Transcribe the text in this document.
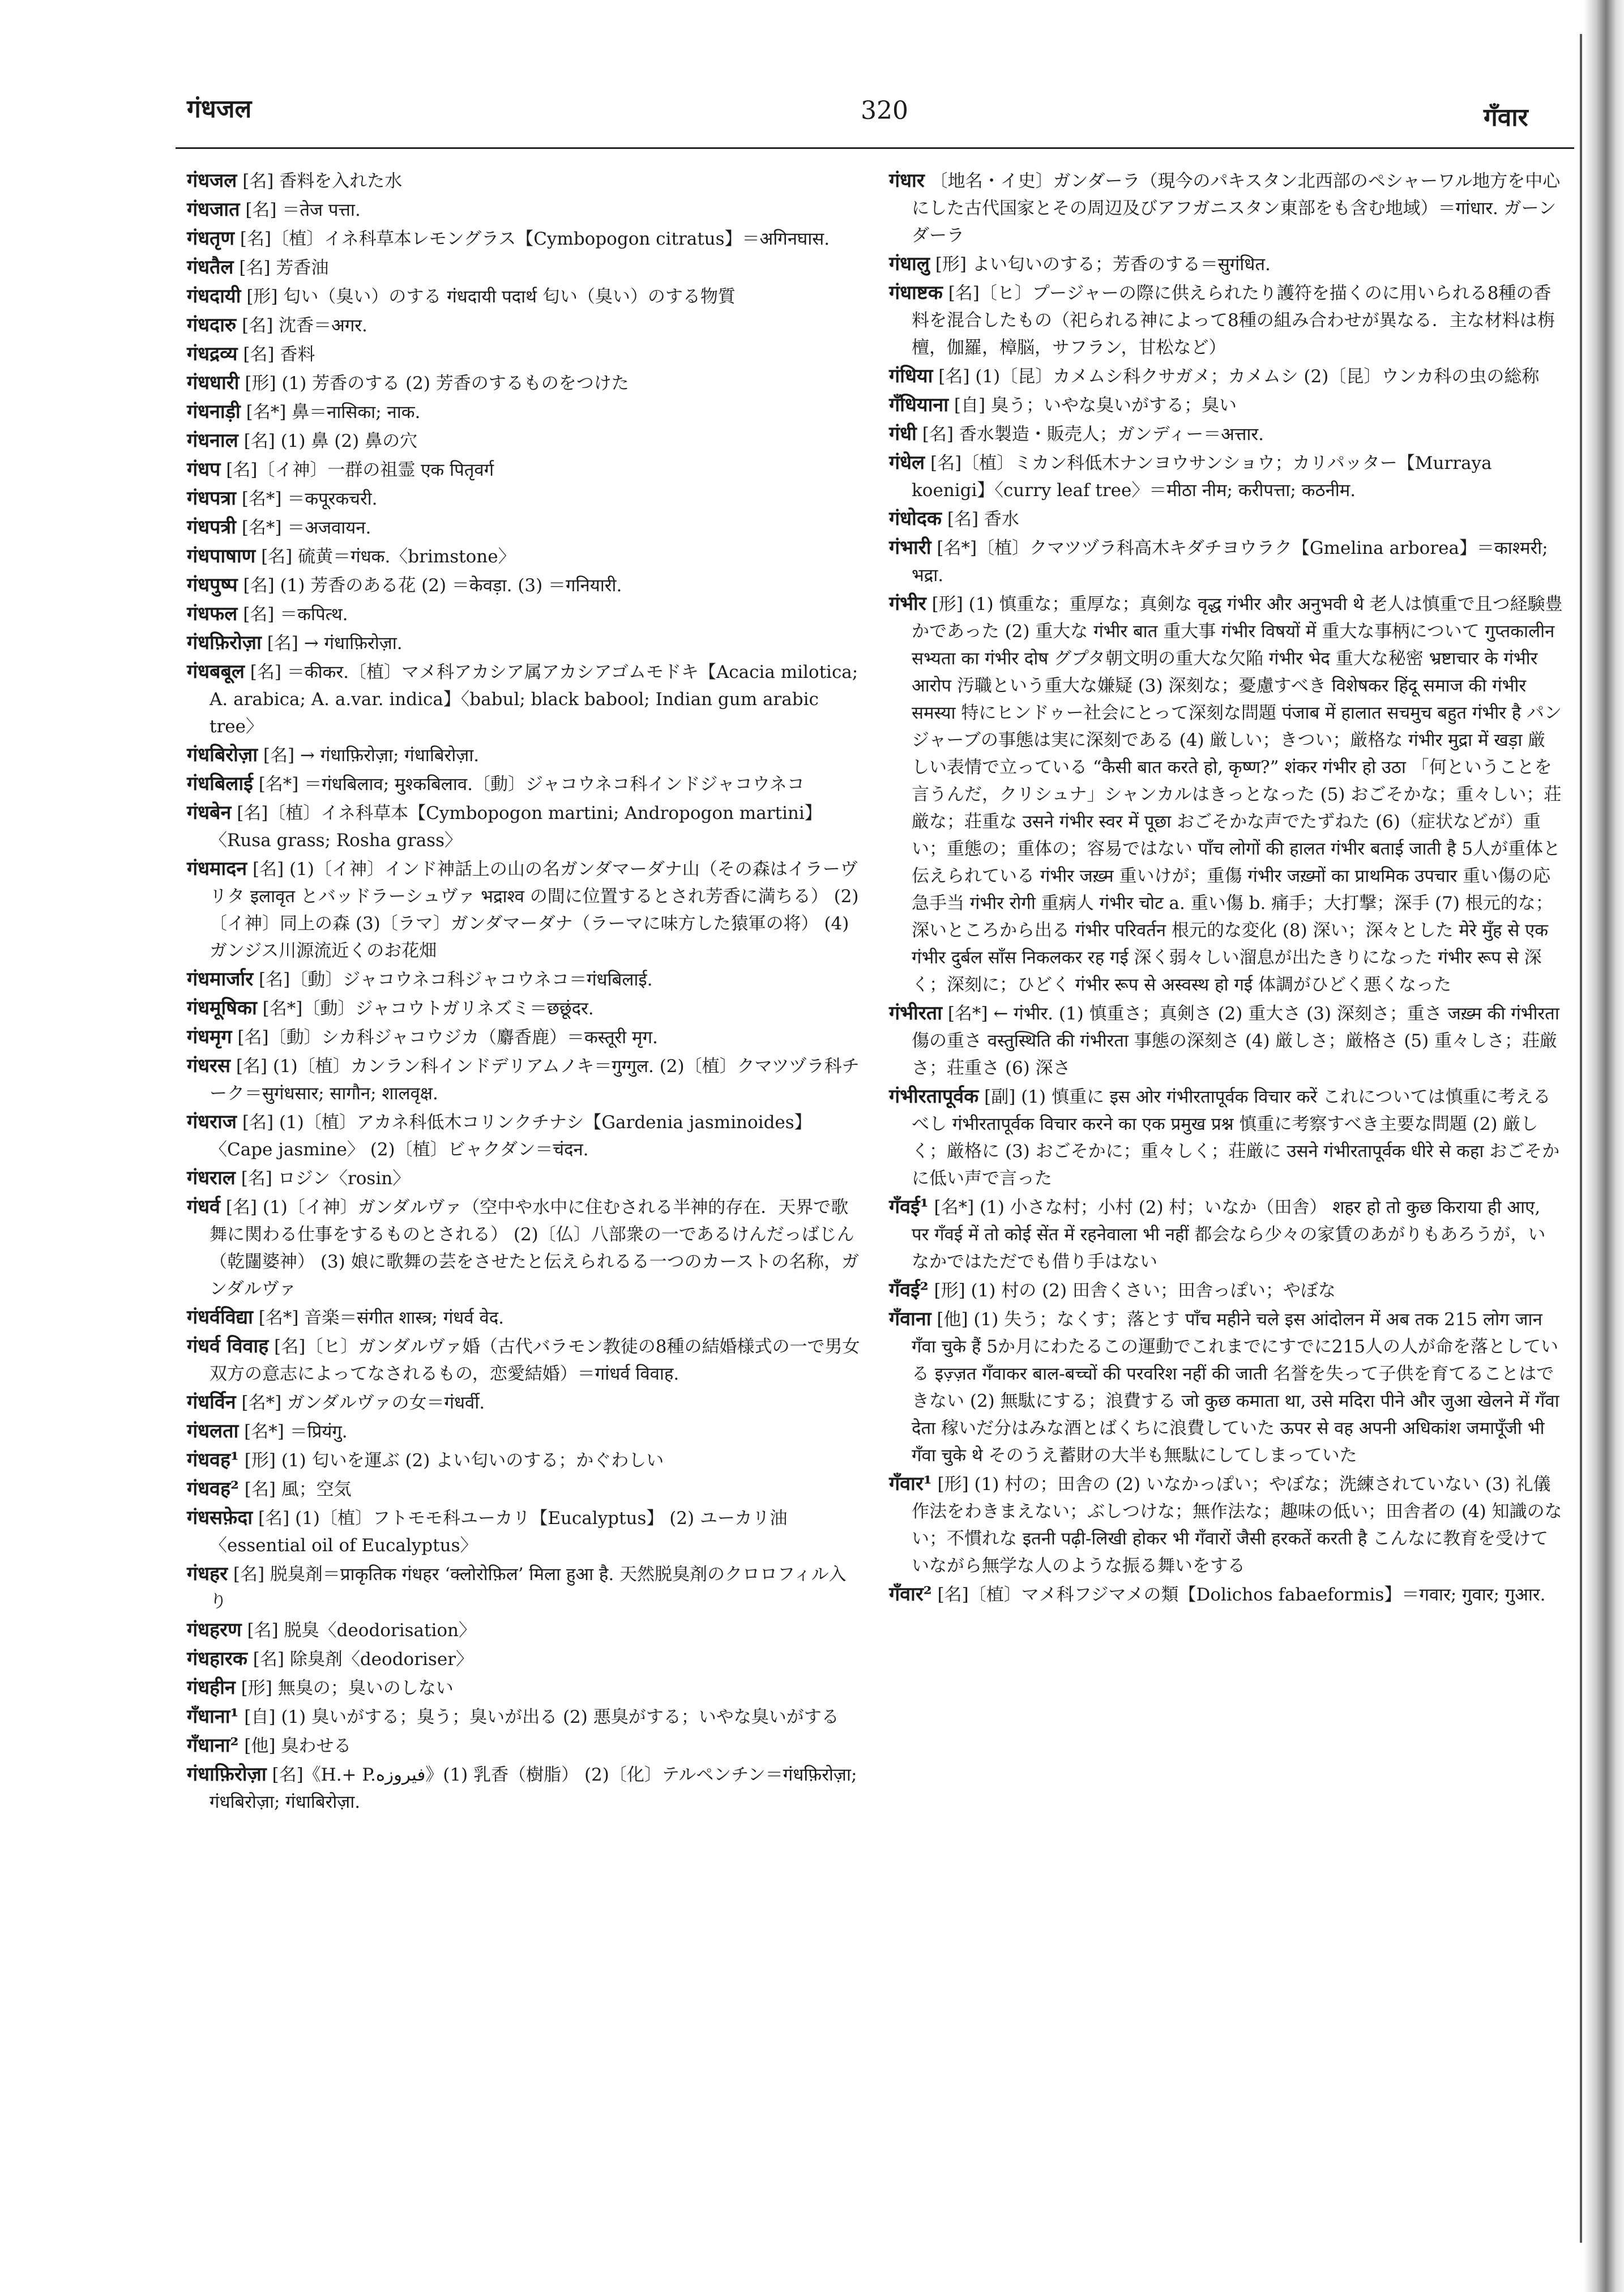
गंधजल	320	गँवार

गंधजल [名] 香料を入れた水

गंधजात [名] ＝तेज पत्ता.

गंधतृण [名]〔植〕イネ科草本レモングラス【Cymbopogon citratus】＝अगिनघास.

गंधतैल [名] 芳香油

गंधदायी [形] 匂い（臭い）のする गंधदायी पदार्थ 匂い（臭い）のする物質

गंधदारु [名] 沈香＝अगर.

गंधद्रव्य [名] 香料

गंधधारी [形] (1) 芳香のする (2) 芳香のするものをつけた

गंधनाड़ी [名*] 鼻＝नासिका; नाक.

गंधनाल [名] (1) 鼻 (2) 鼻の穴

गंधप [名]〔イ神〕一群の祖霊 एक पितृवर्ग

गंधपत्रा [名*] ＝कपूरकचरी.

गंधपत्री [名*] ＝अजवायन.

गंधपाषाण [名] 硫黄＝गंधक.〈brimstone〉

गंधपुष्प [名] (1) 芳香のある花 (2) ＝केवड़ा. (3) ＝गनियारी.

गंधफल [名] ＝कपित्थ.

गंधफ़िरोज़ा [名] → गंधाफ़िरोज़ा.

गंधबबूल [名] ＝कीकर.〔植〕マメ科アカシア属アカシアゴムモドキ【Acacia milotica; A. arabica; A. a.var. indica】〈babul; black babool; Indian gum arabic tree〉

गंधबिरोज़ा [名] → गंधाफ़िरोज़ा; गंधाबिरोज़ा.

गंधबिलाई [名*] ＝गंधबिलाव; मुश्कबिलाव.〔動〕ジャコウネコ科インドジャコウネコ

गंधबेन [名]〔植〕イネ科草本【Cymbopogon martini; Andropogon martini】〈Rusa grass; Rosha grass〉

गंधमादन [名] (1)〔イ神〕インド神話上の山の名ガンダマーダナ山（その森はイラーヴリタ इलावृत とバッドラーシュヴァ भद्राश्व の間に位置するとされ芳香に満ちる） (2)〔イ神〕同上の森 (3)〔ラマ〕ガンダマーダナ（ラーマに味方した猿軍の将） (4) ガンジス川源流近くのお花畑

गंधमार्जार [名]〔動〕ジャコウネコ科ジャコウネコ＝गंधबिलाई.

गंधमूषिका [名*]〔動〕ジャコウトガリネズミ＝छछूंदर.

गंधमृग [名]〔動〕シカ科ジャコウジカ（麝香鹿）＝कस्तूरी मृग.

गंधरस [名] (1)〔植〕カンラン科インドデリアムノキ＝गुग्गुल. (2)〔植〕クマツヅラ科チーク＝सुगंधसार; सागौन; शालवृक्ष.

गंधराज [名] (1)〔植〕アカネ科低木コリンクチナシ【Gardenia jasminoides】〈Cape jasmine〉 (2)〔植〕ビャクダン＝चंदन.

गंधराल [名] ロジン〈rosin〉

गंधर्व [名] (1)〔イ神〕ガンダルヴァ（空中や水中に住むされる半神的存在．天界で歌舞に関わる仕事をするものとされる） (2)〔仏〕八部衆の一であるけんだっばじん（乾闥婆神） (3) 娘に歌舞の芸をさせたと伝えられるる一つのカーストの名称，ガンダルヴァ

गंधर्वविद्या [名*] 音楽＝संगीत शास्त्र; गंधर्व वेद.

गंधर्व विवाह [名]〔ヒ〕ガンダルヴァ婚（古代バラモン教徒の8種の結婚様式の一で男女双方の意志によってなされるもの，恋愛結婚）＝गांधर्व विवाह.

गंधर्विन [名*] ガンダルヴァの女＝गंधर्वी.

गंधलता [名*] ＝प्रियंगु.

गंधवह¹ [形] (1) 匂いを運ぶ (2) よい匂いのする；かぐわしい

गंधवह² [名] 風；空気

गंधसफ़ेदा [名] (1)〔植〕フトモモ科ユーカリ【Eucalyptus】 (2) ユーカリ油〈essential oil of Eucalyptus〉

गंधहर [名] 脱臭剤＝प्राकृतिक गंधहर ‘क्लोरोफ़िल’ मिला हुआ है. 天然脱臭剤のクロロフィル入り

गंधहरण [名] 脱臭〈deodorisation〉

गंधहारक [名] 除臭剤〈deodoriser〉

गंधहीन [形] 無臭の；臭いのしない

गँधाना¹ [自] (1) 臭いがする；臭う；臭いが出る (2) 悪臭がする；いやな臭いがする

गँधाना² [他] 臭わせる

गंधाफ़िरोज़ा [名]《H.+ P.فیروزه》(1) 乳香（樹脂） (2)〔化〕テルペンチン＝गंधफ़िरोज़ा; गंधबिरोज़ा; गंधाबिरोज़ा.

गंधार 〔地名・イ史〕ガンダーラ（現今のパキスタン北西部のペシャーワル地方を中心にした古代国家とその周辺及びアフガニスタン東部をも含む地域）＝गांधार. ガーンダーラ

गंधालु [形] よい匂いのする；芳香のする＝सुगंधित.

गंधाष्टक [名]〔ヒ〕プージャーの際に供えられたり護符を描くのに用いられる8種の香料を混合したもの（祀られる神によって8種の組み合わせが異なる．主な材料は栴檀，伽羅，樟脳，サフラン，甘松など）

गंधिया [名] (1)〔昆〕カメムシ科クサガメ；カメムシ (2)〔昆〕ウンカ科の虫の総称

गँधियाना [自] 臭う；いやな臭いがする；臭い

गंधी [名] 香水製造・販売人；ガンディー＝अत्तार.

गंधेल [名]〔植〕ミカン科低木ナンヨウサンショウ；カリパッター【Murraya koenigi】〈curry leaf tree〉＝मीठा नीम; करीपत्ता; कठनीम.

गंधोदक [名] 香水

गंभारी [名*]〔植〕クマツヅラ科高木キダチヨウラク【Gmelina arborea】＝काश्मरी; भद्रा.

गंभीर [形] (1) 慎重な；重厚な；真剣な वृद्ध गंभीर और अनुभवी थे 老人は慎重で且つ経験豊かであった (2) 重大な गंभीर बात 重大事 गंभीर विषयों में 重大な事柄について गुप्तकालीन सभ्यता का गंभीर दोष グプタ朝文明の重大な欠陥 गंभीर भेद 重大な秘密 भ्रष्टाचार के गंभीर आरोप 汚職という重大な嫌疑 (3) 深刻な；憂慮すべき विशेषकर हिंदू समाज की गंभीर समस्या 特にヒンドゥー社会にとって深刻な問題 पंजाब में हालात सचमुच बहुत गंभीर है パンジャーブの事態は実に深刻である (4) 厳しい；きつい；厳格な गंभीर मुद्रा में खड़ा 厳しい表情で立っている “कैसी बात करते हो, कृष्ण?” शंकर गंभीर हो उठा 「何ということを言うんだ，クリシュナ」シャンカルはきっとなった (5) おごそかな；重々しい；荘厳な；荘重な उसने गंभीर स्वर में पूछा おごそかな声でたずねた (6)（症状などが）重い；重態の；重体の；容易ではない पाँच लोगों की हालत गंभीर बताई जाती है 5人が重体と伝えられている गंभीर जख़्म 重いけが；重傷 गंभीर जख़्मों का प्राथमिक उपचार 重い傷の応急手当 गंभीर रोगी 重病人 गंभीर चोट a. 重い傷 b. 痛手；大打撃；深手 (7) 根元的な；深いところから出る गंभीर परिवर्तन 根元的な変化 (8) 深い；深々とした मेरे मुँह से एक गंभीर दुर्बल साँस निकलकर रह गई 深く弱々しい溜息が出たきりになった गंभीर रूप से 深く；深刻に；ひどく गंभीर रूप से अस्वस्थ हो गई 体調がひどく悪くなった

गंभीरता [名*] ← गंभीर. (1) 慎重さ；真剣さ (2) 重大さ (3) 深刻さ；重さ जख़्म की गंभीरता 傷の重さ वस्तुस्थिति की गंभीरता 事態の深刻さ (4) 厳しさ；厳格さ (5) 重々しさ；荘厳さ；荘重さ (6) 深さ

गंभीरतापूर्वक [副] (1) 慎重に इस ओर गंभीरतापूर्वक विचार करें これについては慎重に考えるべし गंभीरतापूर्वक विचार करने का एक प्रमुख प्रश्न 慎重に考察すべき主要な問題 (2) 厳しく；厳格に (3) おごそかに；重々しく；荘厳に उसने गंभीरतापूर्वक धीरे से कहा おごそかに低い声で言った

गँवई¹ [名*] (1) 小さな村；小村 (2) 村；いなか（田舎） शहर हो तो कुछ किराया ही आए, पर गँवई में तो कोई सेंत में रहनेवाला भी नहीं 都会なら少々の家賃のあがりもあろうが，いなかではただでも借り手はない

गँवई² [形] (1) 村の (2) 田舎くさい；田舎っぽい；やぼな

गँवाना [他] (1) 失う；なくす；落とす पाँच महीने चले इस आंदोलन में अब तक 215 लोग जान गँवा चुके हैं 5か月にわたるこの運動でこれまでにすでに215人の人が命を落としている इज़्ज़त गँवाकर बाल-बच्चों की परवरिश नहीं की जाती 名誉を失って子供を育てることはできない (2) 無駄にする；浪費する जो कुछ कमाता था, उसे मदिरा पीने और जुआ खेलने में गँवा देता 稼いだ分はみな酒とばくちに浪費していた ऊपर से वह अपनी अधिकांश जमापूँजी भी गँवा चुके थे そのうえ蓄財の大半も無駄にしてしまっていた

गँवार¹ [形] (1) 村の；田舎の (2) いなかっぽい；やぼな；洗練されていない (3) 礼儀作法をわきまえない；ぶしつけな；無作法な；趣味の低い；田舎者の (4) 知識のない；不慣れな इतनी पढ़ी-लिखी होकर भी गँवारों जैसी हरकतें करती है こんなに教育を受けていながら無学な人のような振る舞いをする

गँवार² [名]〔植〕マメ科フジマメの類【Dolichos fabaeformis】＝गवार; गुवार; गुआर.
